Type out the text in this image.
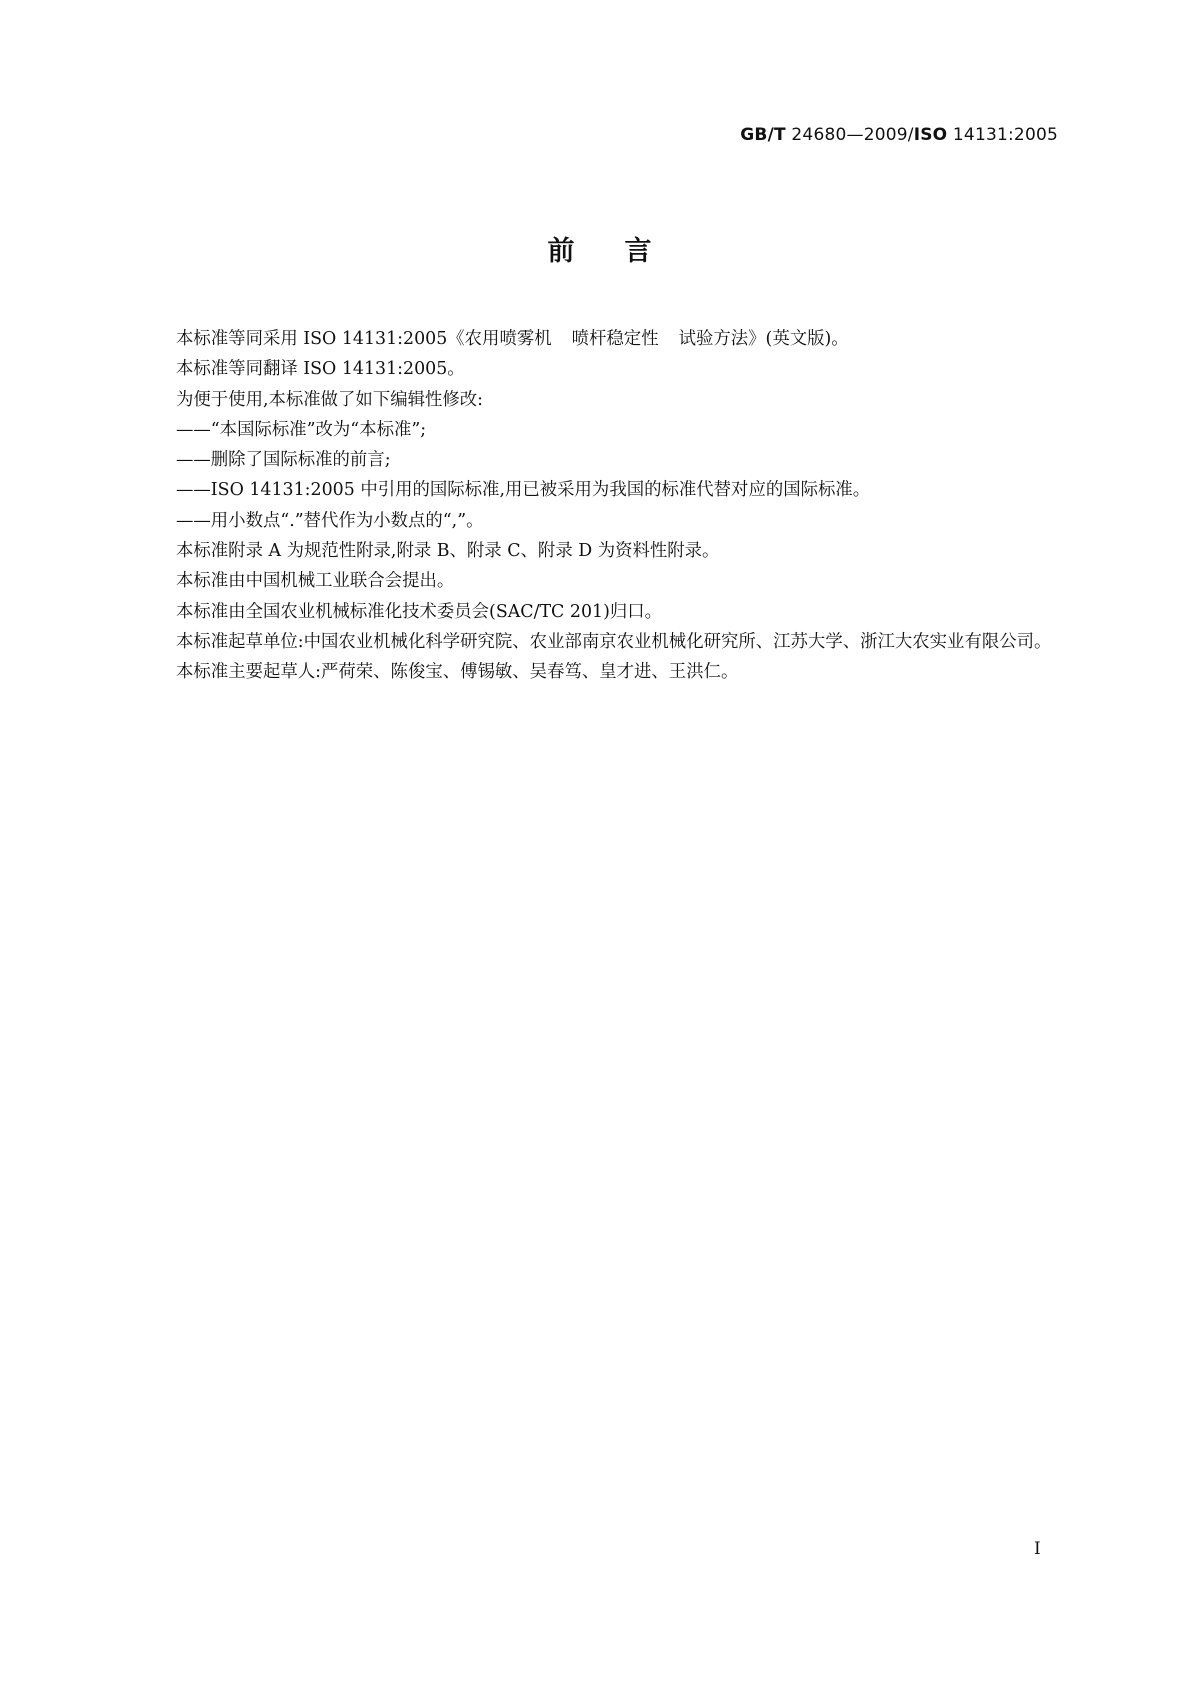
GB/T 24680—2009/ISO 14131:2005
前言

本标准等同采用 ISO 14131:2005《农用喷雾机 喷杆稳定性 试验方法》(英文版)。

本标准等同翻译 ISO 14131:2005。

为便于使用,本标准做了如下编辑性修改:

——“本国际标准”改为“本标准”;

——删除了国际标准的前言;

——ISO 14131:2005 中引用的国际标准,用已被采用为我国的标准代替对应的国际标准。

——用小数点“.”替代作为小数点的“,”。

本标准附录 A 为规范性附录,附录 B、附录 C、附录 D 为资料性附录。

本标准由中国机械工业联合会提出。

本标准由全国农业机械标准化技术委员会(SAC/TC 201)归口。

本标准起草单位:中国农业机械化科学研究院、农业部南京农业机械化研究所、江苏大学、浙江大农实业有限公司。

本标准主要起草人:严荷荣、陈俊宝、傅锡敏、吴春笃、皇才进、王洪仁。

I
